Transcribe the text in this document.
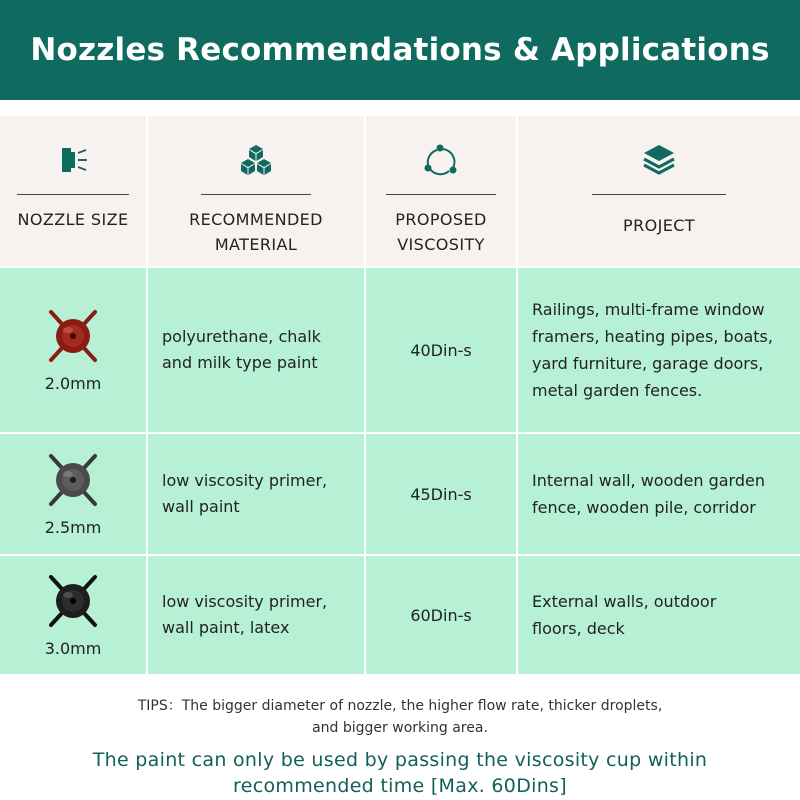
Nozzles Recommendations & Applications
NOZZLE SIZE	RECOMMENDED
MATERIAL
PROPOSED
VISCOSITY
PROJECT
2.0mm
polyurethane, chalk
and milk type paint
40Din-s
Railings, multi-frame window
framers, heating pipes, boats,
yard furniture, garage doors,
metal garden fences.
2.5mm
low viscosity primer,
wall paint
45Din-s
Internal wall, wooden garden
fence, wooden pile, corridor
3.0mm
low viscosity primer,
wall paint, latex
60Din-s
External walls, outdoor
floors, deck
TIPS：The bigger diameter of nozzle, the higher flow rate, thicker droplets,
and bigger working area.
The paint can only be used by passing the viscosity cup within
recommended time [Max. 60Dins]
